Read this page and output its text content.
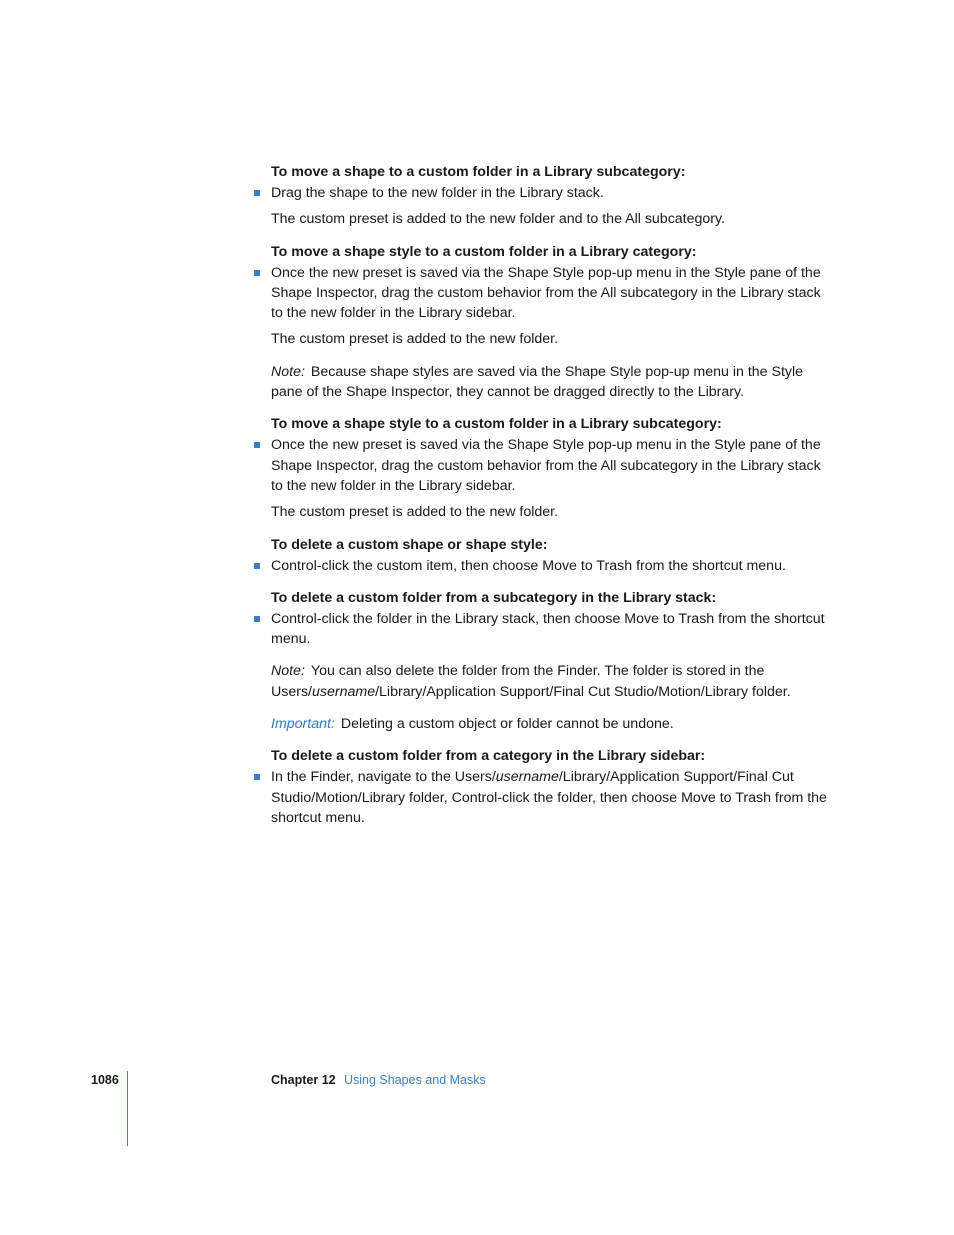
To move a shape to a custom folder in a Library subcategory:

Drag the shape to the new folder in the Library stack.

The custom preset is added to the new folder and to the All subcategory.

To move a shape style to a custom folder in a Library category:

Once the new preset is saved via the Shape Style pop-up menu in the Style pane of the Shape Inspector, drag the custom behavior from the All subcategory in the Library stack to the new folder in the Library sidebar.

The custom preset is added to the new folder.

Note: Because shape styles are saved via the Shape Style pop-up menu in the Style pane of the Shape Inspector, they cannot be dragged directly to the Library.

To move a shape style to a custom folder in a Library subcategory:

Once the new preset is saved via the Shape Style pop-up menu in the Style pane of the Shape Inspector, drag the custom behavior from the All subcategory in the Library stack to the new folder in the Library sidebar.

The custom preset is added to the new folder.

To delete a custom shape or shape style:

Control-click the custom item, then choose Move to Trash from the shortcut menu.

To delete a custom folder from a subcategory in the Library stack:

Control-click the folder in the Library stack, then choose Move to Trash from the shortcut menu.

Note: You can also delete the folder from the Finder. The folder is stored in the Users/username/Library/Application Support/Final Cut Studio/Motion/Library folder.

Important: Deleting a custom object or folder cannot be undone.

To delete a custom folder from a category in the Library sidebar:

In the Finder, navigate to the Users/username/Library/Application Support/Final Cut Studio/Motion/Library folder, Control-click the folder, then choose Move to Trash from the shortcut menu.

1086	Chapter 12 Using Shapes and Masks
